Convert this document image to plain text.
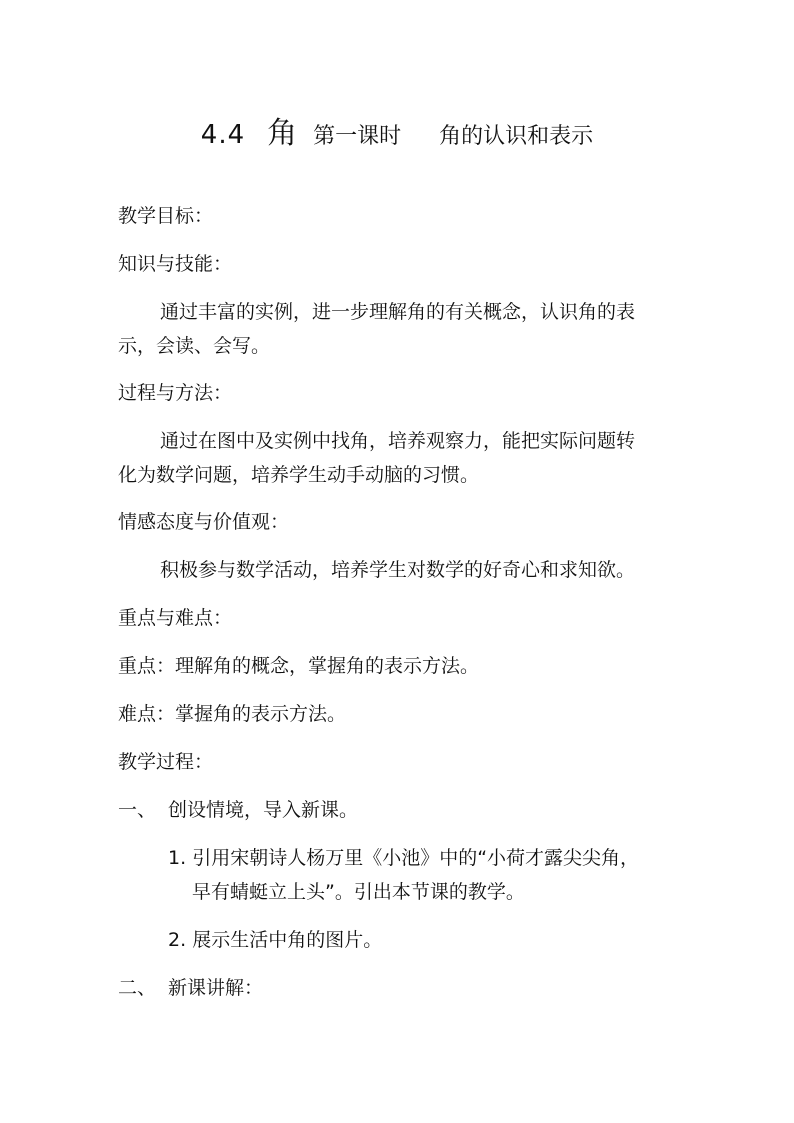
4.4 角 第一课时 角的认识和表示
教学目标：
知识与技能：
通过丰富的实例，进一步理解角的有关概念，认识角的表
示，会读、会写。
过程与方法：
通过在图中及实例中找角，培养观察力，能把实际问题转
化为数学问题，培养学生动手动脑的习惯。
情感态度与价值观：
积极参与数学活动，培养学生对数学的好奇心和求知欲。
重点与难点：
重点：理解角的概念，掌握角的表示方法。
难点：掌握角的表示方法。
教学过程：
一、 创设情境，导入新课。
1. 引用宋朝诗人杨万里《小池》中的“小荷才露尖尖角，
早有蜻蜓立上头”。引出本节课的教学。
2. 展示生活中角的图片。
二、 新课讲解：
